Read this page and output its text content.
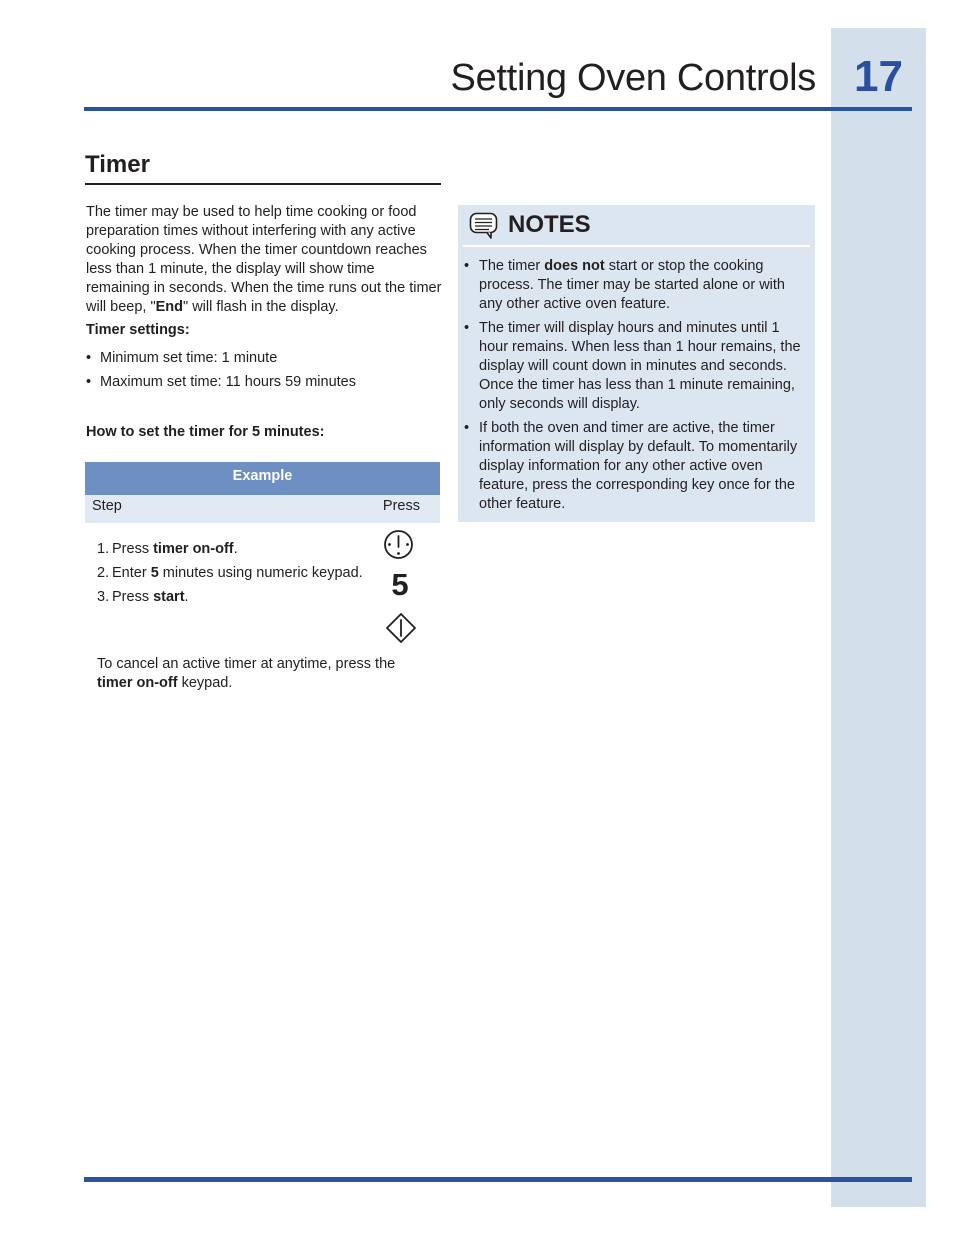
17
Setting Oven Controls
Timer
The timer may be used to help time cooking or food preparation times without interfering with any active cooking process. When the timer countdown reaches less than 1 minute, the display will show time remaining in seconds. When the time runs out the timer will beep, "End" will flash in the display.
Timer settings:
• Minimum set time: 1 minute
• Maximum set time: 11 hours 59 minutes
How to set the timer for 5 minutes:
Example
Step	Press
1. Press timer on-off.
2. Enter 5 minutes using numeric keypad.
3. Press start.	5
To cancel an active timer at anytime, press the timer on-off keypad.
NOTES
• The timer does not start or stop the cooking process. The timer may be started alone or with any other active oven feature.
• The timer will display hours and minutes until 1 hour remains. When less than 1 hour remains, the display will count down in minutes and seconds. Once the timer has less than 1 minute remaining, only seconds will display.
• If both the oven and timer are active, the timer information will display by default. To momentarily display information for any other active oven feature, press the corresponding key once for the other feature.
